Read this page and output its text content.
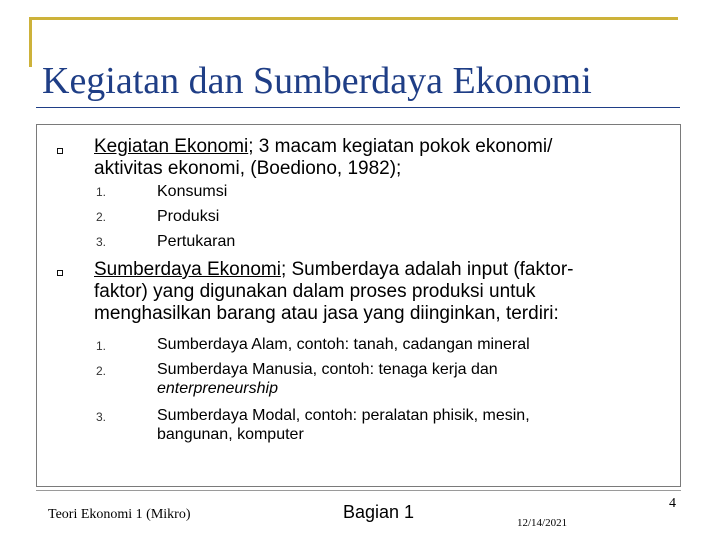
Kegiatan dan Sumberdaya Ekonomi
Kegiatan Ekonomi; 3 macam kegiatan pokok ekonomi/
aktivitas ekonomi, (Boediono, 1982);
1.	Konsumsi
2.	Produksi
3.	Pertukaran
Sumberdaya Ekonomi; Sumberdaya adalah input (faktor-
faktor) yang digunakan dalam proses produksi untuk
menghasilkan barang atau jasa yang diinginkan, terdiri:
1.	Sumberdaya Alam, contoh: tanah, cadangan mineral
2.	Sumberdaya Manusia, contoh: tenaga kerja dan
enterpreneurship
3.	Sumberdaya Modal, contoh: peralatan phisik, mesin,
bangunan, komputer
Teori Ekonomi 1 (Mikro)	Bagian 1
12/14/2021
4
